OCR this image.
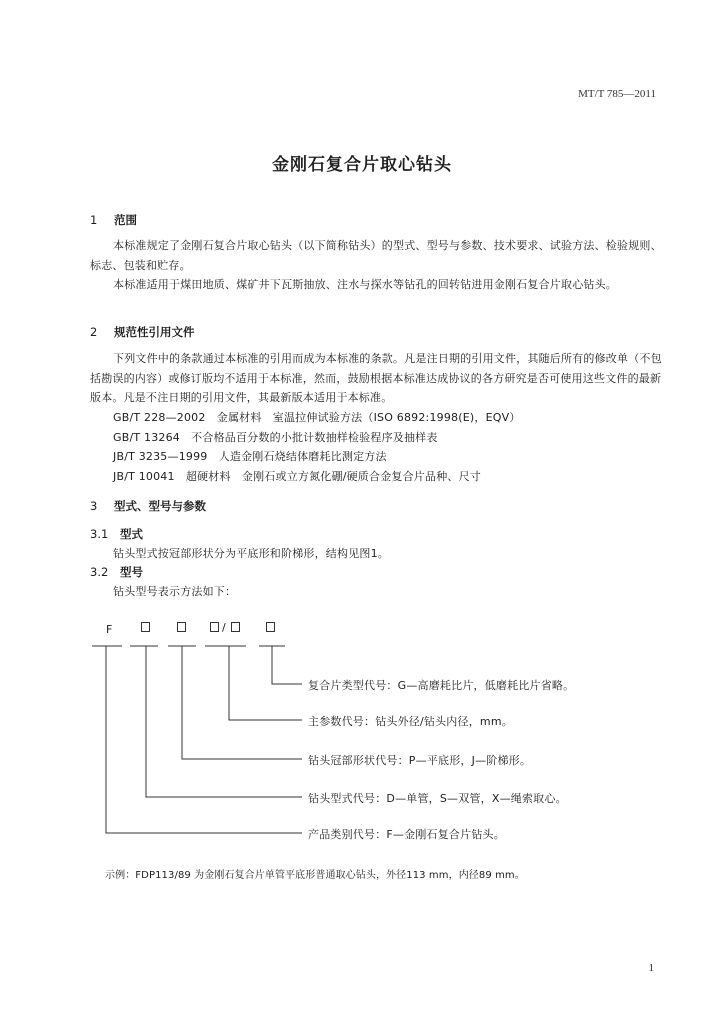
MT/T 785—2011
金刚石复合片取心钻头
1 范围
本标准规定了金刚石复合片取心钻头（以下简称钻头）的型式、型号与参数、技术要求、试验方法、检验规则、标志、包装和贮存。
本标准适用于煤田地质、煤矿井下瓦斯抽放、注水与探水等钻孔的回转钻进用金刚石复合片取心钻头。
2 规范性引用文件
下列文件中的条款通过本标准的引用而成为本标准的条款。凡是注日期的引用文件，其随后所有的修改单（不包括勘误的内容）或修订版均不适用于本标准，然而，鼓励根据本标准达成协议的各方研究是否可使用这些文件的最新版本。凡是不注日期的引用文件，其最新版本适用于本标准。
GB/T 228—2002　金属材料　室温拉伸试验方法（ISO 6892:1998(E)，EQV）
GB/T 13264　不合格品百分数的小批计数抽样检验程序及抽样表
JB/T 3235—1999　人造金刚石烧结体磨耗比测定方法
JB/T 10041　超硬材料　金刚石或立方氮化硼/硬质合金复合片品种、尺寸
3 型式、型号与参数
3.1 型式
钻头型式按冠部形状分为平底形和阶梯形，结构见图1。
3.2 型号
钻头型号表示方法如下：
F	/
复合片类型代号：G—高磨耗比片，低磨耗比片省略。
主参数代号：钻头外径/钻头内径，mm。
钻头冠部形状代号：P—平底形，J—阶梯形。
钻头型式代号：D—单管，S—双管，X—绳索取心。
产品类别代号：F—金刚石复合片钻头。
示例：FDP113/89 为金刚石复合片单管平底形普通取心钻头，外径113 mm，内径89 mm。
1
